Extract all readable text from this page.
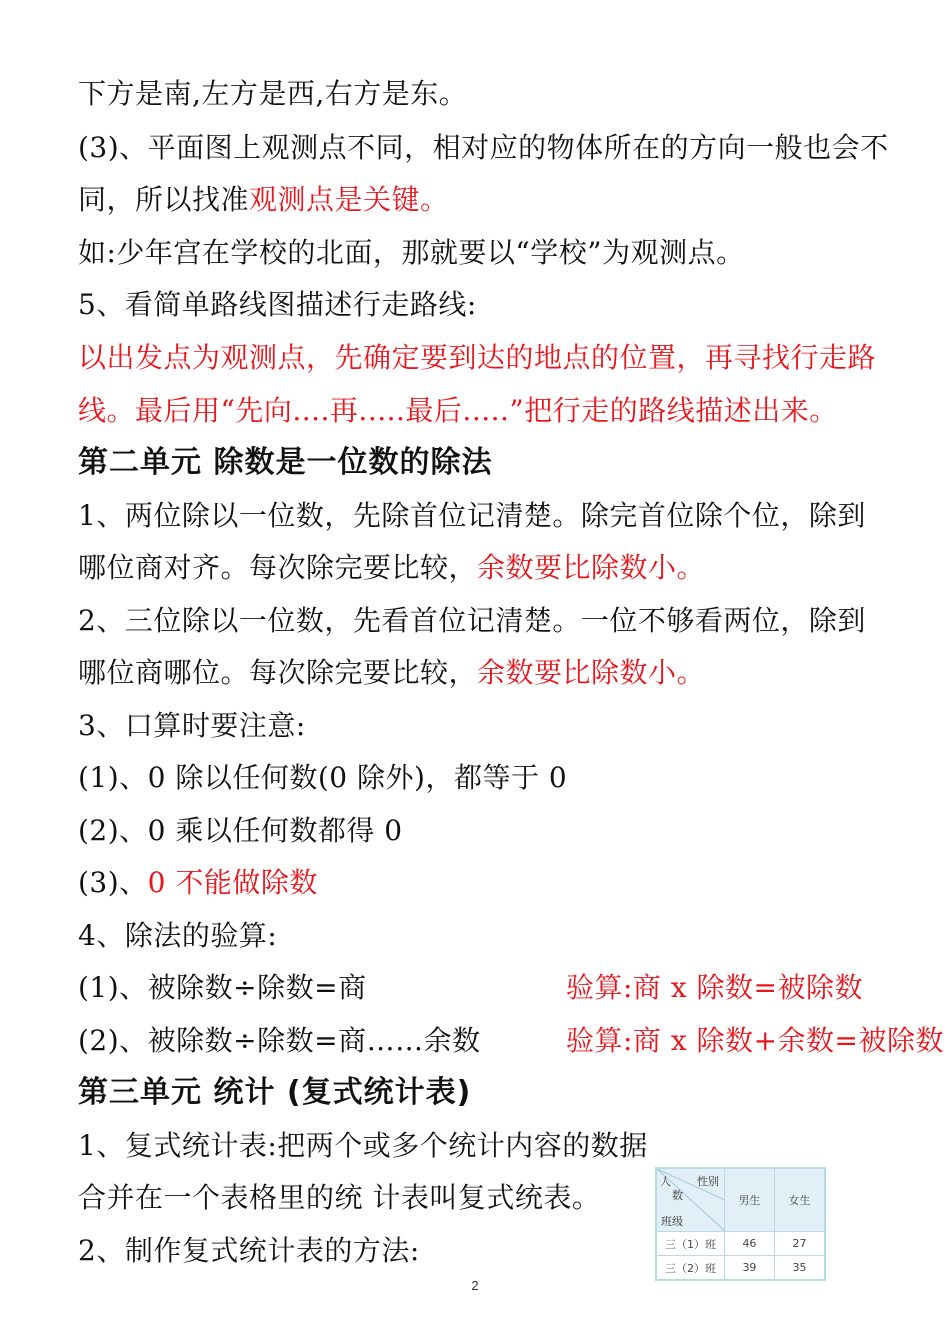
下方是南,左方是西,右方是东。
(3)、平面图上观测点不同，相对应的物体所在的方向一般也会不
同，所以找准观测点是关键。
如:少年宫在学校的北面，那就要以“学校”为观测点。
5、看简单路线图描述行走路线:
以出发点为观测点，先确定要到达的地点的位置，再寻找行走路
线。最后用“先向....再.....最后.....”把行走的路线描述出来。
第二单元 除数是一位数的除法
1、两位除以一位数，先除首位记清楚。除完首位除个位，除到
哪位商对齐。每次除完要比较，余数要比除数小。
2、三位除以一位数，先看首位记清楚。一位不够看两位，除到
哪位商哪位。每次除完要比较，余数要比除数小。
3、口算时要注意:
(1)、0 除以任何数(0 除外)，都等于 0
(2)、0 乘以任何数都得 0
(3)、0 不能做除数
4、除法的验算:
(1)、被除数÷除数=商	验算:商 x 除数=被除数
(2)、被除数÷除数=商……余数	验算:商 x 除数+余数=被除数
第三单元 统计 (复式统计表)
1、复式统计表:把两个或多个统计内容的数据
合并在一个表格里的统 计表叫复式统表。
2、制作复式统计表的方法:
性别
人
数
班级	男生	女生
三（1）班	46	27
三（2）班	39	35
2
